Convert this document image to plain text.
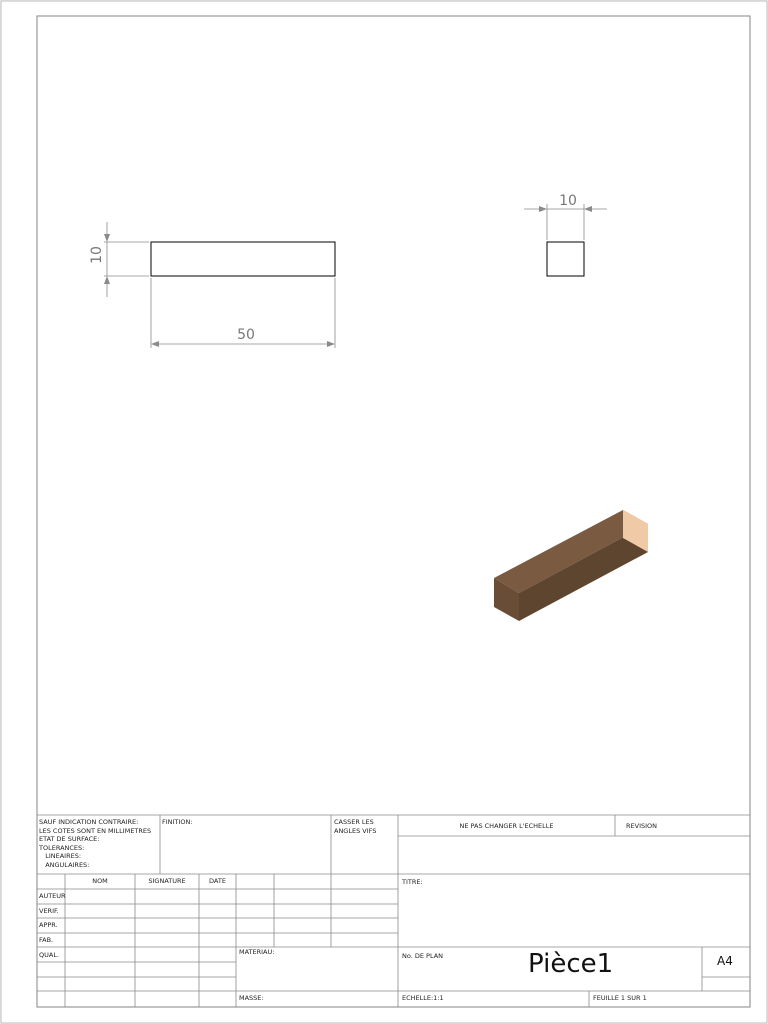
10
50
10
SAUF INDICATION CONTRAIRE:
LES COTES SONT EN MILLIMETRES
ETAT DE SURFACE:
TOLERANCES:
LINEAIRES:
ANGULAIRES:
FINITION:	CASSER LES
ANGLES VIFS
NE PAS CHANGER L'ECHELLE	REVISION
NOM	SIGNATURE	DATE
AUTEUR
VERIF.
APPR.
FAB.
QUAL.
TITRE:
MATERIAU:	No. DE PLAN	Pièce1	A4
MASSE:	ECHELLE:1:1	FEUILLE 1 SUR 1
